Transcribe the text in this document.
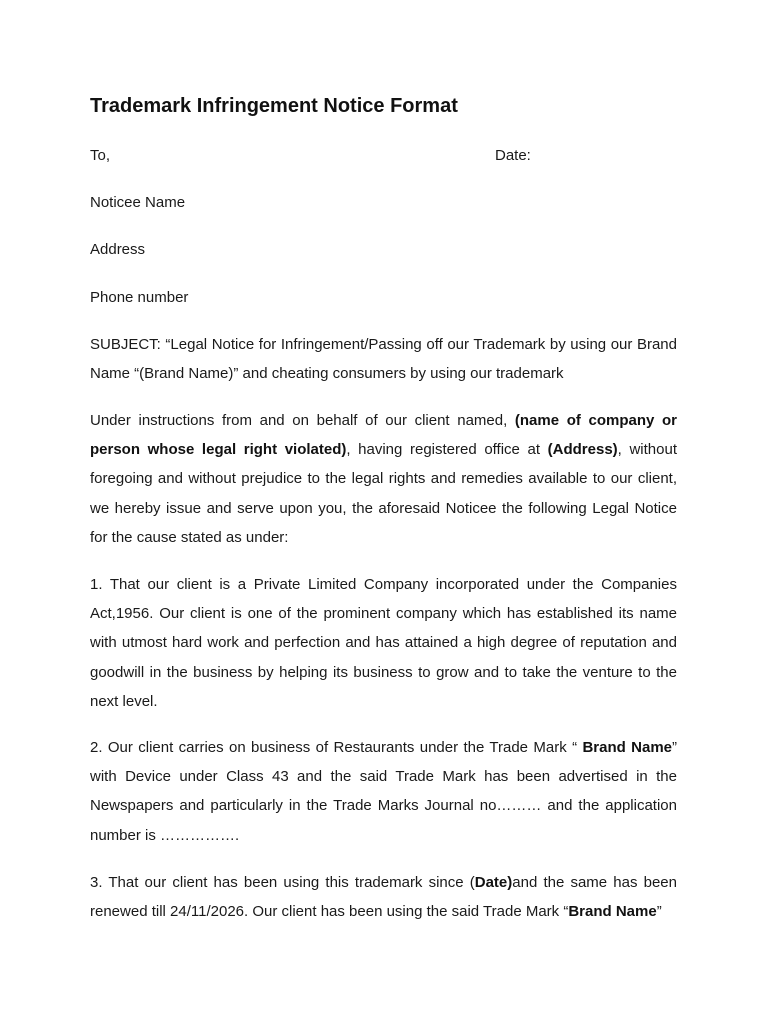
Trademark Infringement Notice Format

To,	Date:

Noticee Name

Address

Phone number

SUBJECT: “Legal Notice for Infringement/Passing off our Trademark by using our Brand Name “(Brand Name)” and cheating consumers by using our trademark

Under instructions from and on behalf of our client named, (name of company or person whose legal right violated), having registered office at (Address), without foregoing and without prejudice to the legal rights and remedies available to our client, we hereby issue and serve upon you, the aforesaid Noticee the following Legal Notice for the cause stated as under:

1. That our client is a Private Limited Company incorporated under the Companies Act,1956. Our client is one of the prominent company which has established its name with utmost hard work and perfection and has attained a high degree of reputation and goodwill in the business by helping its business to grow and to take the venture to the next level.

2. Our client carries on business of Restaurants under the Trade Mark “ Brand Name” with Device under Class 43 and the said Trade Mark has been advertised in the Newspapers and particularly in the Trade Marks Journal no……… and the application number is …………….

3. That our client has been using this trademark since (Date)and the same has been renewed till 24/11/2026. Our client has been using the said Trade Mark “Brand Name”
